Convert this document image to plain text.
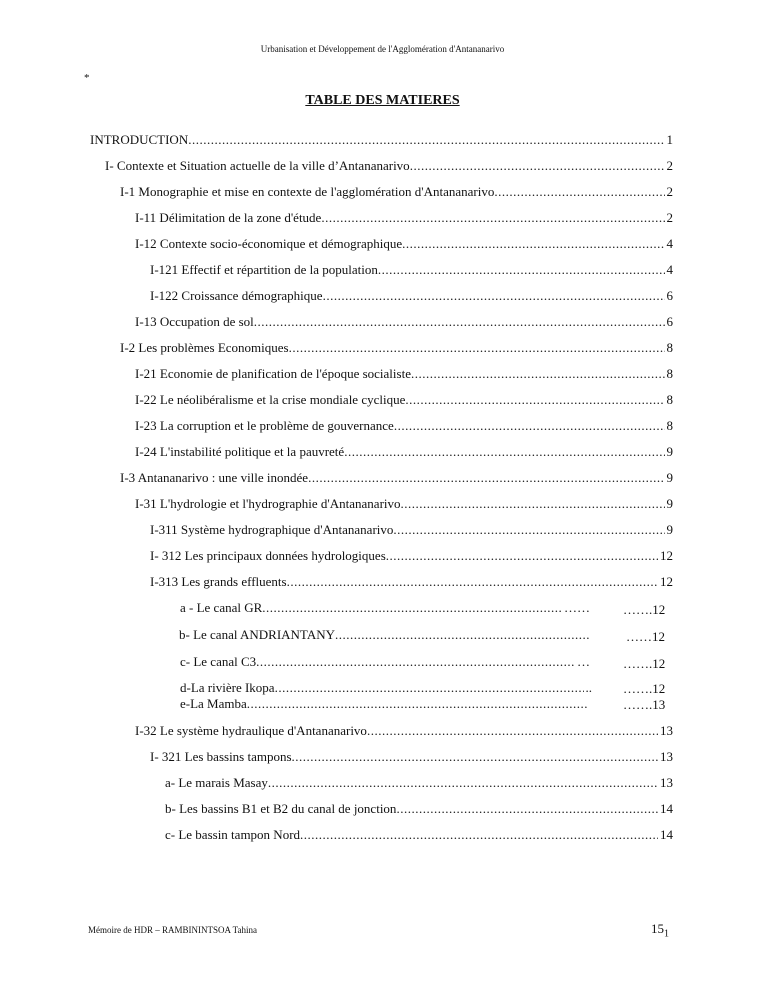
Urbanisation et Développement de l'Agglomération d'Antananarivo
*
TABLE DES MATIERES
INTRODUCTION .....	1
I- Contexte et Situation actuelle de la ville d’Antananarivo .....	2
I-1 Monographie et mise en contexte de l'agglomération d'Antananarivo .....	2
I-11 Délimitation de la zone d'étude .....	2
I-12 Contexte socio-économique et démographique .....	4
I-121 Effectif et répartition de la population .....	4
I-122 Croissance démographique .....	6
I-13 Occupation de sol .....	6
I-2 Les problèmes Economiques .....	8
I-21 Economie de planification de l'époque socialiste .....	8
I-22 Le néolibéralisme et la crise mondiale cyclique .....	8
I-23 La corruption et le problème de gouvernance .....	8
I-24 L'instabilité politique et la pauvreté .....	9
I-3 Antananarivo : une ville inondée .....	9
I-31 L'hydrologie et l'hydrographie d'Antananarivo .....	9
I-311 Système hydrographique d'Antananarivo .....	9
I- 312 Les principaux données hydrologiques .....	12
I-313 Les grands effluents .....	12
a - Le canal GR .....	……	…….12
b- Le canal ANDRIANTANY .....	……12
c- Le canal C3 .....	…	…….12
d-La rivière Ikopa .....	.. …….12
e-La Mamba .....	…….13
I-32 Le système hydraulique d'Antananarivo .....	13
I- 321 Les bassins tampons .....	13
a- Le marais Masay .....	13
b- Les bassins B1 et B2 du canal de jonction .....	14
c- Le bassin tampon Nord .....	14
Mémoire de HDR – RAMBININTSOA Tahina	$15_1$
